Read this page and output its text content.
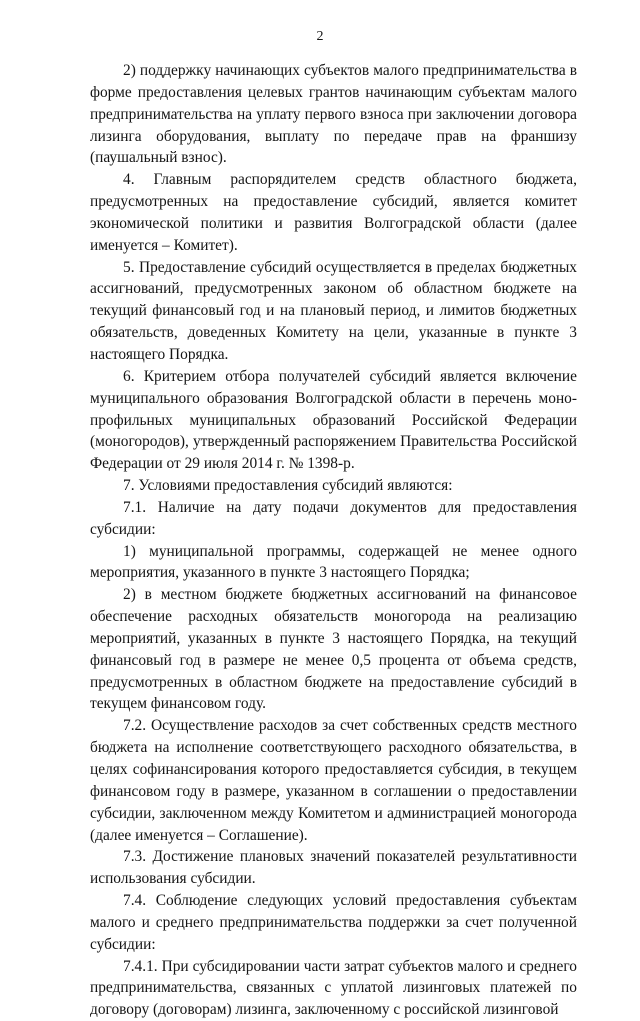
2

2) поддержку начинающих субъектов малого предпринимательства в форме предоставления целевых грантов начинающим субъектам малого предпринимательства на уплату первого взноса при заключении договора лизинга оборудования, выплату по передаче прав на франшизу (паушальный взнос).

4. Главным распорядителем средств областного бюджета, предусмотренных на предоставление субсидий, является комитет экономической политики и развития Волгоградской области (далее именуется – Комитет).

5. Предоставление субсидий осуществляется в пределах бюджетных ассигнований, предусмотренных законом об областном бюджете на текущий финансовый год и на плановый период, и лимитов бюджетных обязательств, доведенных Комитету на цели, указанные в пункте 3 настоящего Порядка.

6. Критерием отбора получателей субсидий является включение муниципального образования Волгоградской области в перечень моно-профильных муниципальных образований Российской Федерации (моногородов), утвержденный распоряжением Правительства Российской Федерации от 29 июля 2014 г. № 1398-р.

7. Условиями предоставления субсидий являются:

7.1. Наличие на дату подачи документов для предоставления субсидии:

1) муниципальной программы, содержащей не менее одного мероприятия, указанного в пункте 3 настоящего Порядка;

2) в местном бюджете бюджетных ассигнований на финансовое обеспечение расходных обязательств моногорода на реализацию мероприятий, указанных в пункте 3 настоящего Порядка, на текущий финансовый год в размере не менее 0,5 процента от объема средств, предусмотренных в областном бюджете на предоставление субсидий в текущем финансовом году.

7.2. Осуществление расходов за счет собственных средств местного бюджета на исполнение соответствующего расходного обязательства, в целях софинансирования которого предоставляется субсидия, в текущем финансовом году в размере, указанном в соглашении о предоставлении субсидии, заключенном между Комитетом и администрацией моногорода (далее именуется – Соглашение).

7.3. Достижение плановых значений показателей результативности использования субсидии.

7.4. Соблюдение следующих условий предоставления субъектам малого и среднего предпринимательства поддержки за счет полученной субсидии:

7.4.1. При субсидировании части затрат субъектов малого и среднего предпринимательства, связанных с уплатой лизинговых платежей по договору (договорам) лизинга, заключенному с российской лизинговой
